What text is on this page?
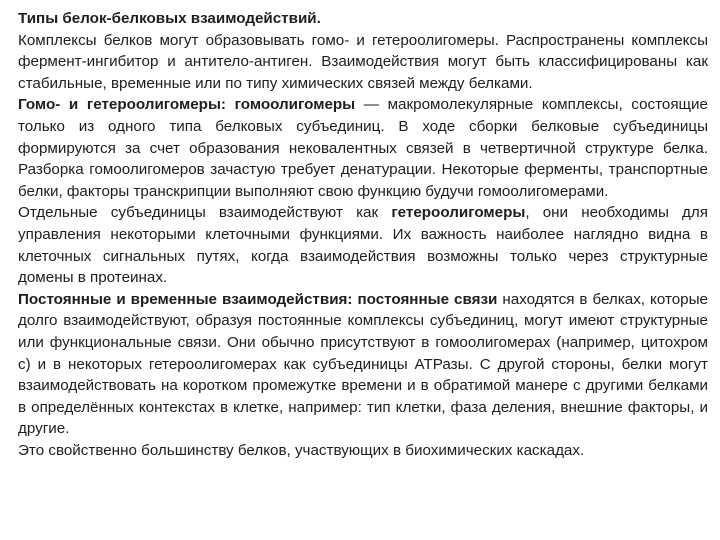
Типы белок-белковых взаимодействий.

Комплексы белков могут образовывать гомо- и гетероолигомеры. Распространены комплексы фермент-ингибитор и антитело-антиген. Взаимодействия могут быть классифицированы как стабильные, временные или по типу химических связей между белками.

Гомо- и гетероолигомеры: гомоолигомеры — макромолекулярные комплексы, состоящие только из одного типа белковых субъединиц. В ходе сборки белковые субъединицы формируются за счет образования нековалентных связей в четвертичной структуре белка. Разборка гомоолигомеров зачастую требует денатурации. Некоторые ферменты, транспортные белки, факторы транскрипции выполняют свою функцию будучи гомоолигомерами.

Отдельные субъединицы взаимодействуют как гетероолигомеры, они необходимы для управления некоторыми клеточными функциями. Их важность наиболее наглядно видна в клеточных сигнальных путях, когда взаимодействия возможны только через структурные домены в протеинах.

Постоянные и временные взаимодействия: постоянные связи находятся в белках, которые долго взаимодействуют, образуя постоянные комплексы субъединиц, могут имеют структурные или функциональные связи. Они обычно присутствуют в гомоолигомерах (например, цитохром с) и в некоторых гетероолигомерах как субъединицы АТРазы. С другой стороны, белки могут взаимодействовать на коротком промежутке времени и в обратимой манере с другими белками в определённых контекстах в клетке, например: тип клетки, фаза деления, внешние факторы, и другие.

Это свойственно большинству белков, участвующих в биохимических каскадах.
